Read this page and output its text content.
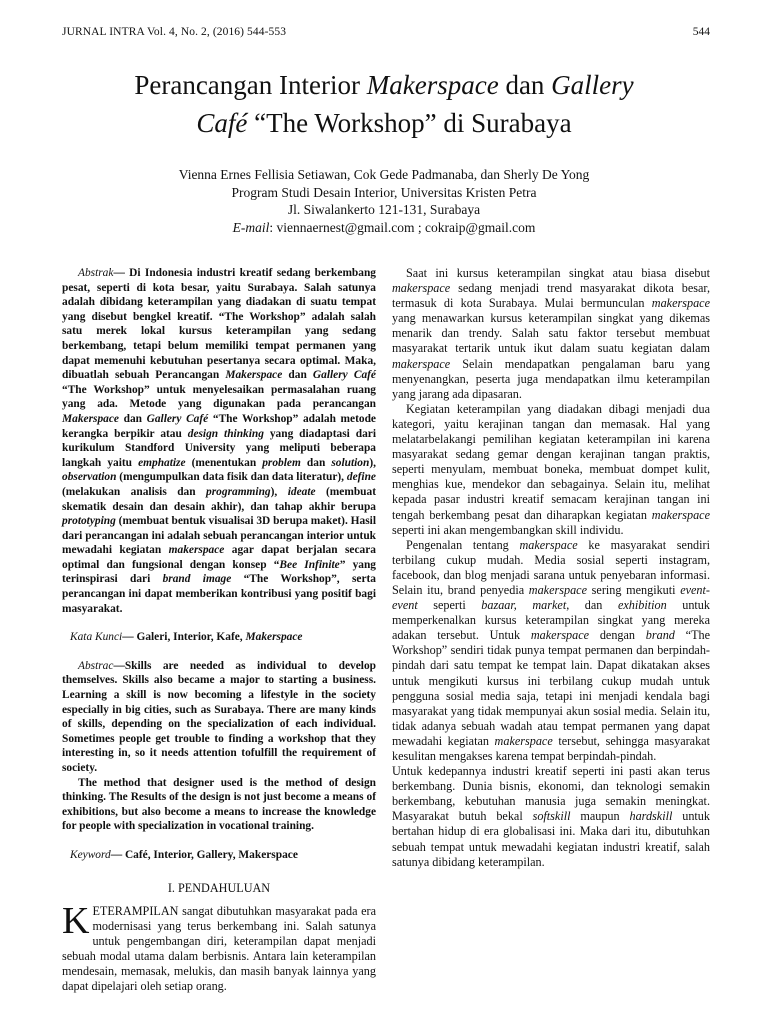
JURNAL INTRA Vol. 4, No. 2, (2016) 544-553	544
Perancangan Interior Makerspace dan Gallery
Café “The Workshop” di Surabaya
Vienna Ernes Fellisia Setiawan, Cok Gede Padmanaba, dan Sherly De Yong
Program Studi Desain Interior, Universitas Kristen Petra
Jl. Siwalankerto 121-131, Surabaya
E-mail: viennaernest@gmail.com ; cokraip@gmail.com

Abstrak— Di Indonesia industri kreatif sedang berkembang pesat, seperti di kota besar, yaitu Surabaya. Salah satunya adalah dibidang keterampilan yang diadakan di suatu tempat yang disebut bengkel kreatif. “The Workshop” adalah salah satu merek lokal kursus keterampilan yang sedang berkembang, tetapi belum memiliki tempat permanen yang dapat memenuhi kebutuhan pesertanya secara optimal. Maka, dibuatlah sebuah Perancangan Makerspace dan Gallery Café “The Workshop” untuk menyelesaikan permasalahan ruang yang ada. Metode yang digunakan pada perancangan Makerspace dan Gallery Café “The Workshop” adalah metode kerangka berpikir atau design thinking yang diadaptasi dari kurikulum Standford University yang meliputi beberapa langkah yaitu emphatize (menentukan problem dan solution), observation (mengumpulkan data fisik dan data literatur), define (melakukan analisis dan programming), ideate (membuat skematik desain dan desain akhir), dan tahap akhir berupa prototyping (membuat bentuk visualisai 3D berupa maket). Hasil dari perancangan ini adalah sebuah perancangan interior untuk mewadahi kegiatan makerspace agar dapat berjalan secara optimal dan fungsional dengan konsep “Bee Infinite” yang terinspirasi dari brand image “The Workshop”, serta perancangan ini dapat memberikan kontribusi yang positif bagi masyarakat.

Kata Kunci— Galeri, Interior, Kafe, Makerspace

Abstrac—Skills are needed as individual to develop themselves. Skills also became a major to starting a business. Learning a skill is now becoming a lifestyle in the society especially in big cities, such as Surabaya. There are many kinds of skills, depending on the specialization of each individual. Sometimes people get trouble to finding a workshop that they interesting in, so it needs attention tofulfill the requirement of society.

The method that designer used is the method of design thinking. The Results of the design is not just become a means of exhibitions, but also become a means to increase the knowledge for people with specialization in vocational training.

Keyword— Café, Interior, Gallery, Makerspace

I. PENDAHULUAN

KETERAMPILAN sangat dibutuhkan masyarakat pada era modernisasi yang terus berkembang ini. Salah satunya untuk pengembangan diri, keterampilan dapat menjadi sebuah modal utama dalam berbisnis. Antara lain keterampilan mendesain, memasak, melukis, dan masih banyak lainnya yang dapat dipelajari oleh setiap orang.

Saat ini kursus keterampilan singkat atau biasa disebut makerspace sedang menjadi trend masyarakat dikota besar, termasuk di kota Surabaya. Mulai bermunculan makerspace yang menawarkan kursus keterampilan singkat yang dikemas menarik dan trendy. Salah satu faktor tersebut membuat masyarakat tertarik untuk ikut dalam suatu kegiatan dalam makerspace Selain mendapatkan pengalaman baru yang menyenangkan, peserta juga mendapatkan ilmu keterampilan yang jarang ada dipasaran.

Kegiatan keterampilan yang diadakan dibagi menjadi dua kategori, yaitu kerajinan tangan dan memasak. Hal yang melatarbelakangi pemilihan kegiatan keterampilan ini karena masyarakat sedang gemar dengan kerajinan tangan praktis, seperti menyulam, membuat boneka, membuat dompet kulit, menghias kue, mendekor dan sebagainya. Selain itu, melihat kepada pasar industri kreatif semacam kerajinan tangan ini tengah berkembang pesat dan diharapkan kegiatan makerspace seperti ini akan mengembangkan skill individu.

Pengenalan tentang makerspace ke masyarakat sendiri terbilang cukup mudah. Media sosial seperti instagram, facebook, dan blog menjadi sarana untuk penyebaran informasi. Selain itu, brand penyedia makerspace sering mengikuti event-event seperti bazaar, market, dan exhibition untuk memperkenalkan kursus keterampilan singkat yang mereka adakan tersebut. Untuk makerspace dengan brand “The Workshop” sendiri tidak punya tempat permanen dan berpindah-pindah dari satu tempat ke tempat lain. Dapat dikatakan akses untuk mengikuti kursus ini terbilang cukup mudah untuk pengguna sosial media saja, tetapi ini menjadi kendala bagi masyarakat yang tidak mempunyai akun sosial media. Selain itu, tidak adanya sebuah wadah atau tempat permanen yang dapat mewadahi kegiatan makerspace tersebut, sehingga masyarakat kesulitan mengakses karena tempat berpindah-pindah.

Untuk kedepannya industri kreatif seperti ini pasti akan terus berkembang. Dunia bisnis, ekonomi, dan teknologi semakin berkembang, kebutuhan manusia juga semakin meningkat. Masyarakat butuh bekal softskill maupun hardskill untuk bertahan hidup di era globalisasi ini. Maka dari itu, dibutuhkan sebuah tempat untuk mewadahi kegiatan industri kreatif, salah satunya dibidang keterampilan.
